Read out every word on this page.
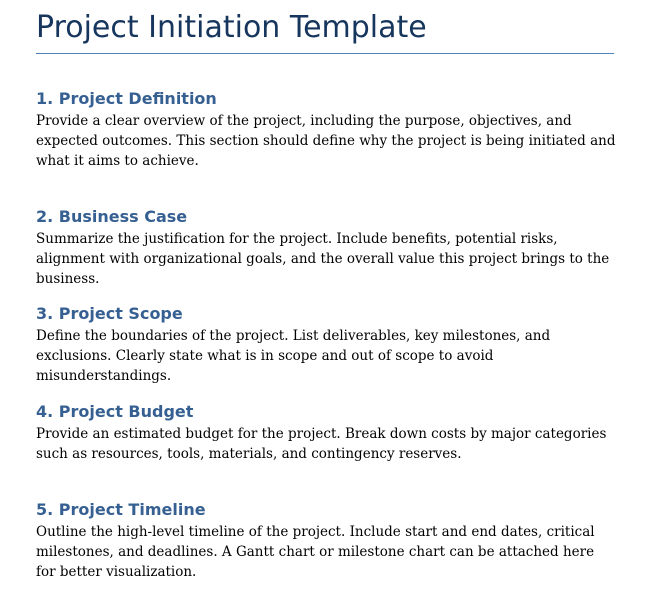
Project Initiation Template
1. Project Definition

Provide a clear overview of the project, including the purpose, objectives, and expected outcomes. This section should define why the project is being initiated and what it aims to achieve.

2. Business Case

Summarize the justification for the project. Include benefits, potential risks, alignment with organizational goals, and the overall value this project brings to the business.

3. Project Scope

Define the boundaries of the project. List deliverables, key milestones, and exclusions. Clearly state what is in scope and out of scope to avoid misunderstandings.

4. Project Budget

Provide an estimated budget for the project. Break down costs by major categories such as resources, tools, materials, and contingency reserves.

5. Project Timeline

Outline the high-level timeline of the project. Include start and end dates, critical milestones, and deadlines. A Gantt chart or milestone chart can be attached here for better visualization.
